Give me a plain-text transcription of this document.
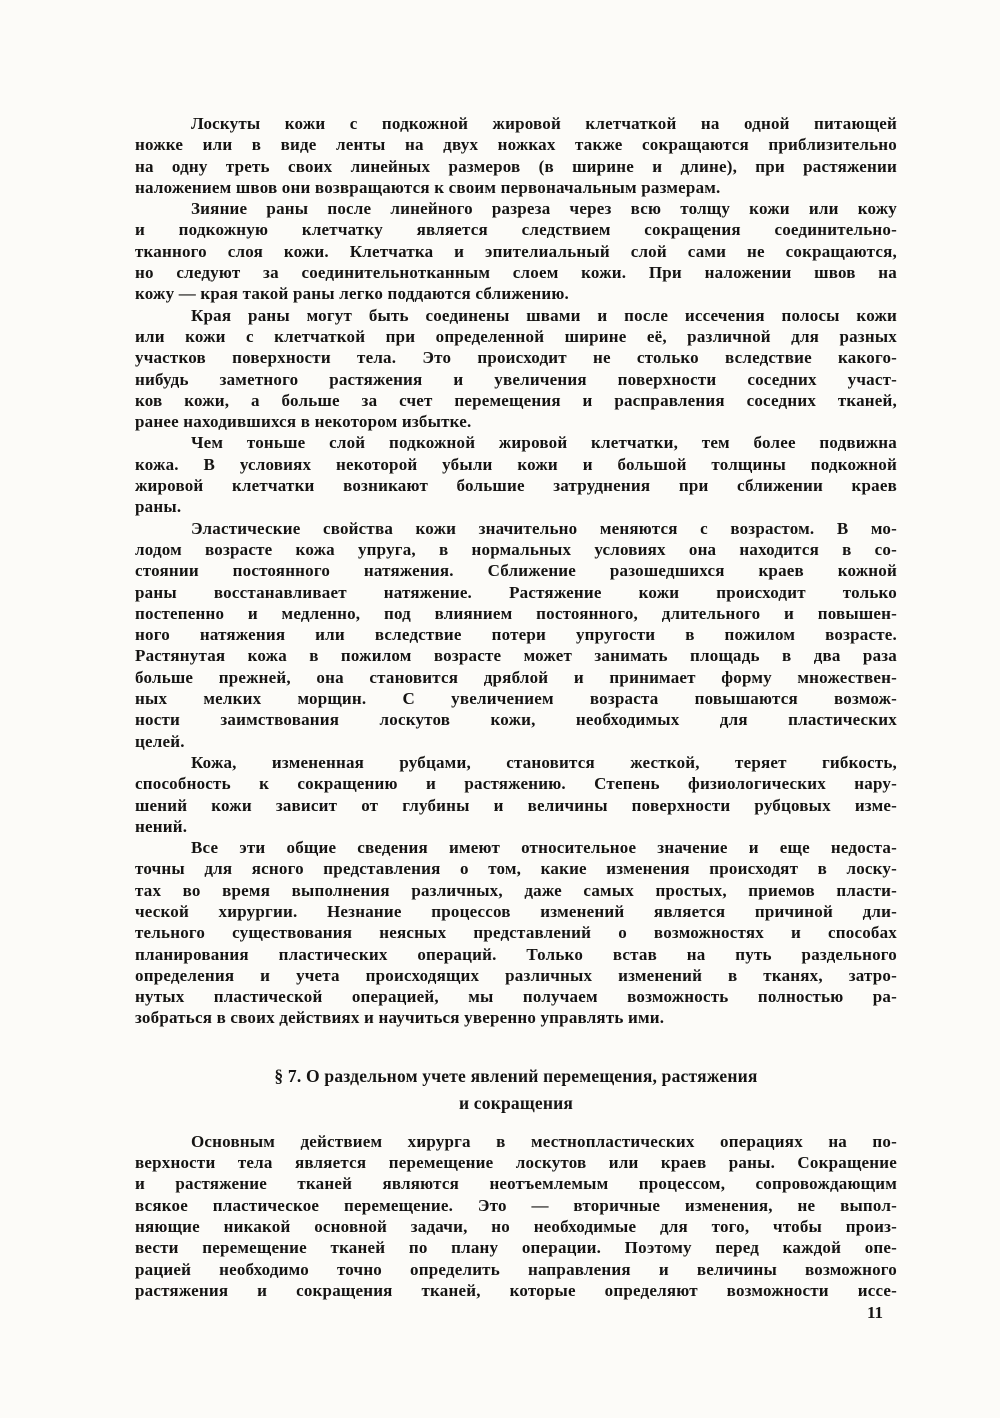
Лоскуты кожи с подкожной жировой клетчаткой на одной питающей
ножке или в виде ленты на двух ножках также сокращаются приблизительно
на одну треть своих линейных размеров (в ширине и длине), при растяжении
наложением швов они возвращаются к своим первоначальным размерам.
Зияние раны после линейного разреза через всю толщу кожи или кожу
и подкожную клетчатку является следствием сокращения соединительно-
тканного слоя кожи. Клетчатка и эпителиальный слой сами не сокращаются,
но следуют за соединительнотканным слоем кожи. При наложении швов на
кожу — края такой раны легко поддаются сближению.
Края раны могут быть соединены швами и после иссечения полосы кожи
или кожи с клетчаткой при определенной ширине её, различной для разных
участков поверхности тела. Это происходит не столько вследствие какого-
нибудь заметного растяжения и увеличения поверхности соседних участ-
ков кожи, а больше за счет перемещения и расправления соседних тканей,
ранее находившихся в некотором избытке.
Чем тоньше слой подкожной жировой клетчатки, тем более подвижна
кожа. В условиях некоторой убыли кожи и большой толщины подкожной
жировой клетчатки возникают большие затруднения при сближении краев
раны.
Эластические свойства кожи значительно меняются с возрастом. В мо-
лодом возрасте кожа упруга, в нормальных условиях она находится в со-
стоянии постоянного натяжения. Сближение разошедшихся краев кожной
раны восстанавливает натяжение. Растяжение кожи происходит только
постепенно и медленно, под влиянием постоянного, длительного и повышен-
ного натяжения или вследствие потери упругости в пожилом возрасте.
Растянутая кожа в пожилом возрасте может занимать площадь в два раза
больше прежней, она становится дряблой и принимает форму множествен-
ных мелких морщин. С увеличением возраста повышаются возмож-
ности заимствования лоскутов кожи, необходимых для пластических
целей.
Кожа, измененная рубцами, становится жесткой, теряет гибкость,
способность к сокращению и растяжению. Степень физиологических нару-
шений кожи зависит от глубины и величины поверхности рубцовых изме-
нений.
Все эти общие сведения имеют относительное значение и еще недоста-
точны для ясного представления о том, какие изменения происходят в лоску-
тах во время выполнения различных, даже самых простых, приемов пласти-
ческой хирургии. Незнание процессов изменений является причиной дли-
тельного существования неясных представлений о возможностях и способах
планирования пластических операций. Только встав на путь раздельного
определения и учета происходящих различных изменений в тканях, затро-
нутых пластической операцией, мы получаем возможность полностью ра-
зобраться в своих действиях и научиться уверенно управлять ими.
§ 7. О раздельном учете явлений перемещения, растяжения
и сокращения
Основным действием хирурга в местнопластических операциях на по-
верхности тела является перемещение лоскутов или краев раны. Сокращение
и растяжение тканей являются неотъемлемым процессом, сопровождающим
всякое пластическое перемещение. Это — вторичные изменения, не выпол-
няющие никакой основной задачи, но необходимые для того, чтобы произ-
вести перемещение тканей по плану операции. Поэтому перед каждой опе-
рацией необходимо точно определить направления и величины возможного
растяжения и сокращения тканей, которые определяют возможности иссе-
11
